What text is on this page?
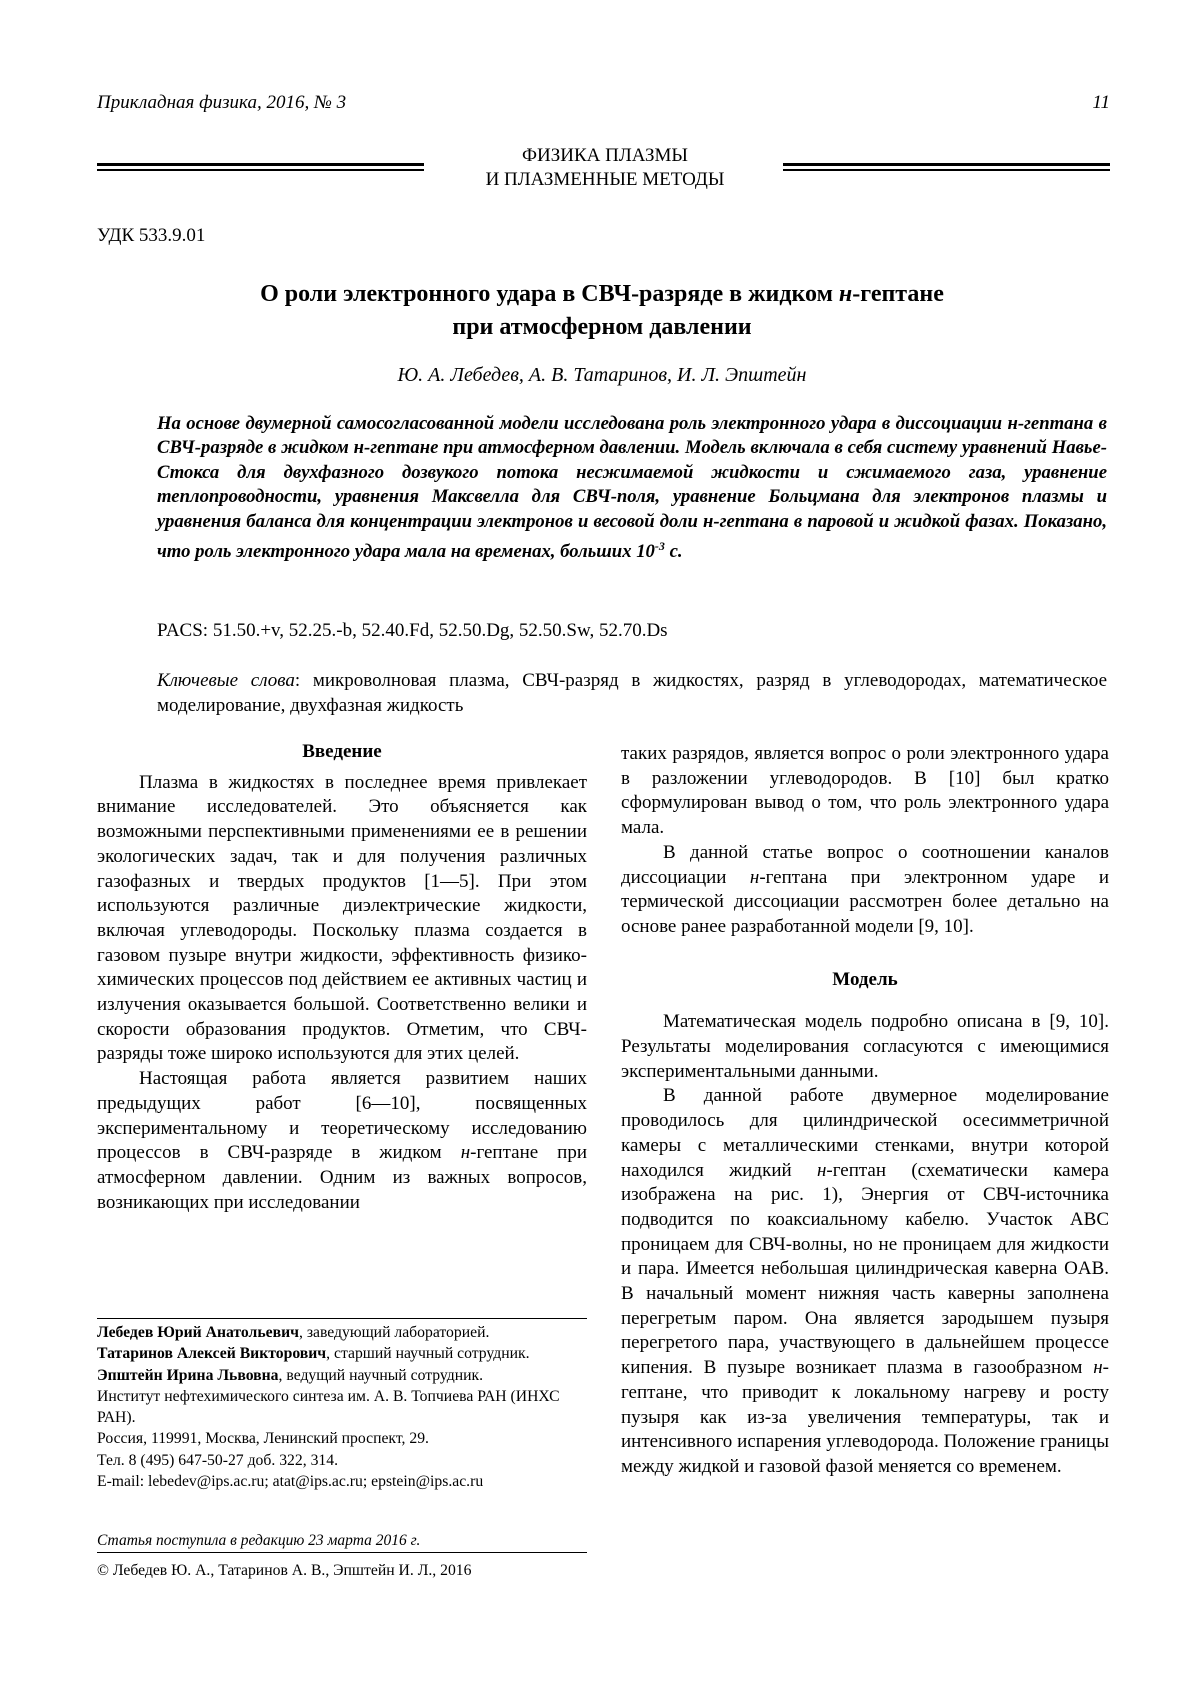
Прикладная физика, 2016, № 3	11
ФИЗИКА ПЛАЗМЫ
И ПЛАЗМЕННЫЕ МЕТОДЫ
УДК 533.9.01
О роли электронного удара в СВЧ-разряде в жидком н-гептане
при атмосферном давлении
Ю. А. Лебедев, А. В. Татаринов, И. Л. Эпштейн
На основе двумерной самосогласованной модели исследована роль электронного удара в диссоциации н-гептана в СВЧ-разряде в жидком н-гептане при атмосферном давлении. Модель включала в себя систему уравнений Навье-Стокса для двухфазного дозвукого потока несжимаемой жидкости и сжимаемого газа, уравнение теплопроводности, уравнения Максвелла для СВЧ-поля, уравнение Больцмана для электронов плазмы и уравнения баланса для концентрации электронов и весовой доли н-гептана в паровой и жидкой фазах. Показано, что роль электронного удара мала на временах, больших $10^{-3}$ с.
PACS: 51.50.+v, 52.25.-b, 52.40.Fd, 52.50.Dg, 52.50.Sw, 52.70.Ds
Ключевые слова: микроволновая плазма, СВЧ-разряд в жидкостях, разряд в углеводородах, математическое моделирование, двухфазная жидкость
Введение

Плазма в жидкостях в последнее время привлекает внимание исследователей. Это объясняется как возможными перспективными применениями ее в решении экологических задач, так и для получения различных газофазных и твердых продуктов [1—5]. При этом используются различные диэлектрические жидкости, включая углеводороды. Поскольку плазма создается в газовом пузыре внутри жидкости, эффективность физико-химических процессов под действием ее активных частиц и излучения оказывается большой. Соответственно велики и скорости образования продуктов. Отметим, что СВЧ-разряды тоже широко используются для этих целей.

Настоящая работа является развитием наших предыдущих работ [6—10], посвященных экспериментальному и теоретическому исследованию процессов в СВЧ-разряде в жидком н-гептане при атмосферном давлении. Одним из важных вопросов, возникающих при исследовании

Лебедев Юрий Анатольевич, заведующий лабораторией.
Татаринов Алексей Викторович, старший научный сотрудник.
Эпштейн Ирина Львовна, ведущий научный сотрудник.
Институт нефтехимического синтеза им. А. В. Топчиева РАН (ИНХС РАН).
Россия, 119991, Москва, Ленинский проспект, 29.
Тел. 8 (495) 647-50-27 доб. 322, 314.
E-mail: lebedev@ips.ac.ru; atat@ips.ac.ru; epstein@ips.ac.ru
Статья поступила в редакцию 23 марта 2016 г.
© Лебедев Ю. А., Татаринов А. В., Эпштейн И. Л., 2016

таких разрядов, является вопрос о роли электронного удара в разложении углеводородов. В [10] был кратко сформулирован вывод о том, что роль электронного удара мала.

В данной статье вопрос о соотношении каналов диссоциации н-гептана при электронном ударе и термической диссоциации рассмотрен более детально на основе ранее разработанной модели [9, 10].

Модель

Математическая модель подробно описана в [9, 10]. Результаты моделирования согласуются с имеющимися экспериментальными данными.

В данной работе двумерное моделирование проводилось для цилиндрической осесимметричной камеры с металлическими стенками, внутри которой находился жидкий н-гептан (схематически камера изображена на рис. 1), Энергия от СВЧ-источника подводится по коаксиальному кабелю. Участок ABC проницаем для СВЧ-волны, но не проницаем для жидкости и пара. Имеется небольшая цилиндрическая каверна OAB. В начальный момент нижняя часть каверны заполнена перегретым паром. Она является зародышем пузыря перегретого пара, участвующего в дальнейшем процессе кипения. В пузыре возникает плазма в газообразном н-гептане, что приводит к локальному нагреву и росту пузыря как из-за увеличения температуры, так и интенсивного испарения углеводорода. Положение границы между жидкой и газовой фазой меняется со временем.
